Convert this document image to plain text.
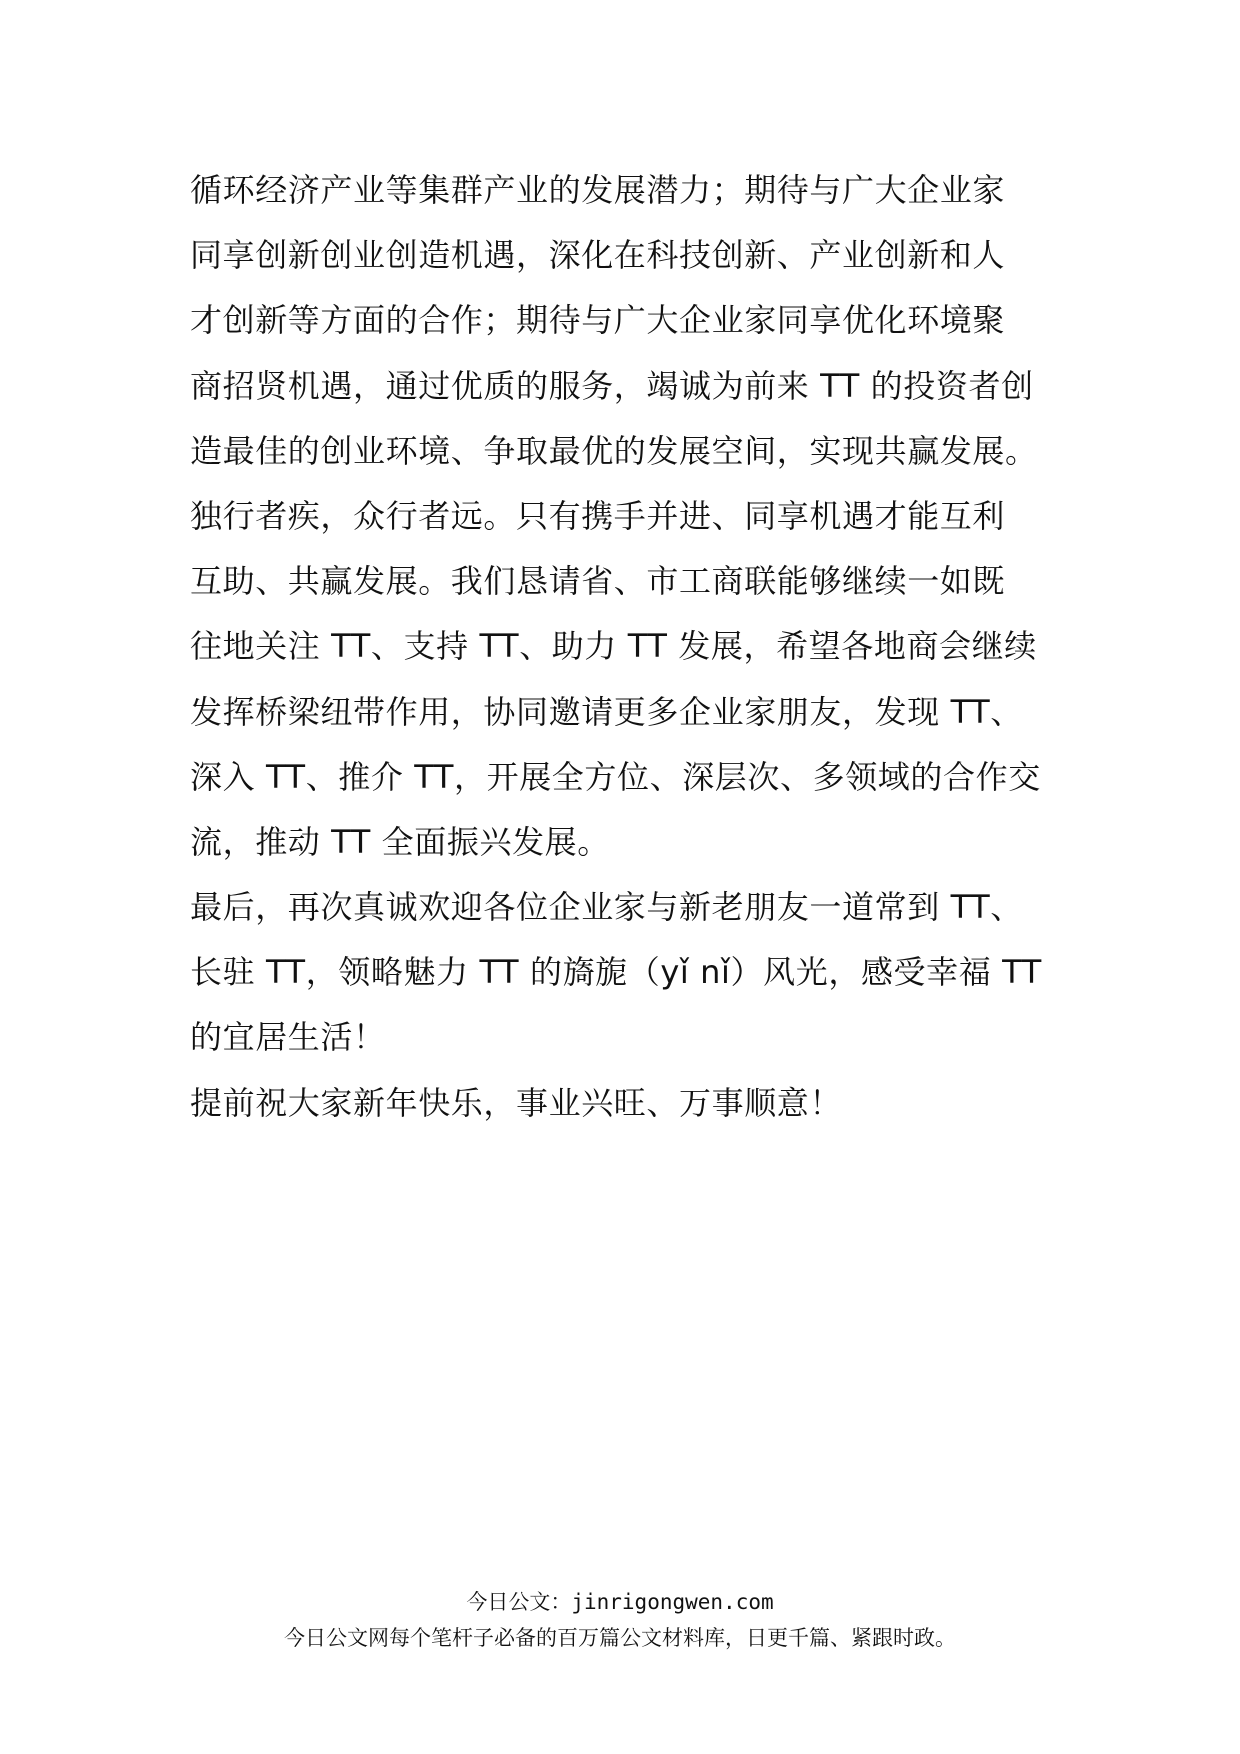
循环经济产业等集群产业的发展潜力；期待与广大企业家
同享创新创业创造机遇，深化在科技创新、产业创新和人
才创新等方面的合作；期待与广大企业家同享优化环境聚
商招贤机遇，通过优质的服务，竭诚为前来 TT 的投资者创
造最佳的创业环境、争取最优的发展空间，实现共赢发展。
独行者疾，众行者远。只有携手并进、同享机遇才能互利
互助、共赢发展。我们恳请省、市工商联能够继续一如既
往地关注 TT、支持 TT、助力 TT 发展，希望各地商会继续
发挥桥梁纽带作用，协同邀请更多企业家朋友，发现 TT、
深入 TT、推介 TT，开展全方位、深层次、多领域的合作交
流，推动 TT 全面振兴发展。
最后，再次真诚欢迎各位企业家与新老朋友一道常到 TT、
长驻 TT，领略魅力 TT 的旖旎（yǐ nǐ）风光，感受幸福 TT
的宜居生活！
提前祝大家新年快乐，事业兴旺、万事顺意！
今日公文：jinrigongwen.com
今日公文网每个笔杆子必备的百万篇公文材料库，日更千篇、紧跟时政。
